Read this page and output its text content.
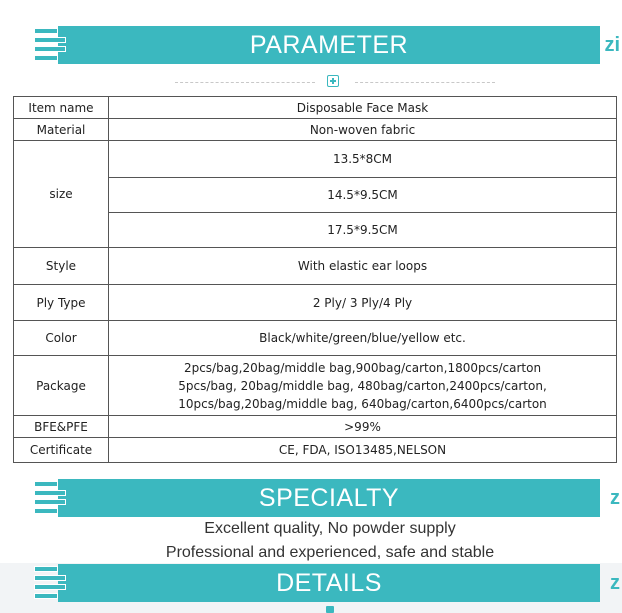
PARAMETER	zi
Item name	Disposable Face Mask
Material	Non-woven fabric
size	13.5*8CM
	14.5*9.5CM
	17.5*9.5CM
Style	With elastic ear loops
Ply Type	2 Ply/ 3 Ply/4 Ply
Color	Black/white/green/blue/yellow etc.
Package	2pcs/bag,20bag/middle bag,900bag/carton,1800pcs/carton
5pcs/bag, 20bag/middle bag, 480bag/carton,2400pcs/carton,
10pcs/bag,20bag/middle bag, 640bag/carton,6400pcs/carton

BFE&PFE	>99%
Certificate	CE, FDA, ISO13485,NELSON
SPECIALTY	z
Excellent quality, No powder supply
Professional and experienced, safe and stable
DETAILS	z
